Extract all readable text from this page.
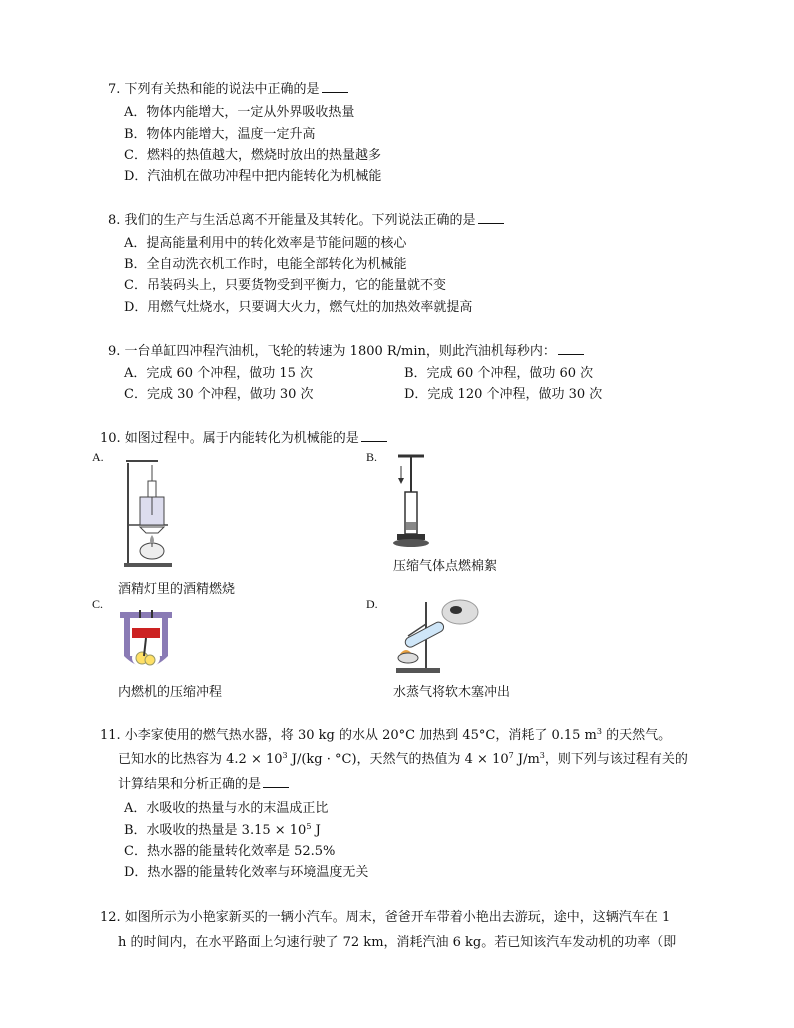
7. 下列有关热和能的说法中正确的是
A．物体内能增大，一定从外界吸收热量
B．物体内能增大，温度一定升高
C．燃料的热值越大，燃烧时放出的热量越多
D．汽油机在做功冲程中把内能转化为机械能
8. 我们的生产与生活总离不开能量及其转化。下列说法正确的是
A．提高能量利用中的转化效率是节能问题的核心
B．全自动洗衣机工作时，电能全部转化为机械能
C．吊装码头上，只要货物受到平衡力，它的能量就不变
D．用燃气灶烧水，只要调大火力，燃气灶的加热效率就提高
9. 一台单缸四冲程汽油机，飞轮的转速为 1800 R/min，则此汽油机每秒内：
A．完成 60 个冲程，做功 15 次	B．完成 60 个冲程，做功 60 次
C．完成 30 个冲程，做功 30 次	D．完成 120 个冲程，做功 30 次
10. 如图过程中。属于内能转化为机械能的是
A.	B.
C.	D.
酒精灯里的酒精燃烧
压缩气体点燃棉絮
内燃机的压缩冲程	水蒸气将软木塞冲出
11. 小李家使用的燃气热水器，将 30 kg 的水从 20°C 加热到 45°C，消耗了 0.15 $m^3$ 的天然气。
已知水的比热容为 $4.2 \times 10^3$ J/(kg · °C)，天然气的热值为 $4 \times 10^7$ $J/m^3$，则下列与该过程有关的
计算结果和分析正确的是
A．水吸收的热量与水的末温成正比
B．水吸收的热量是 $3.15 \times 10^5$ J
C．热水器的能量转化效率是 52.5%
D．热水器的能量转化效率与环境温度无关
12. 如图所示为小艳家新买的一辆小汽车。周末，爸爸开车带着小艳出去游玩，途中，这辆汽车在 1
h 的时间内，在水平路面上匀速行驶了 72 km，消耗汽油 6 kg。若已知该汽车发动机的功率（即
